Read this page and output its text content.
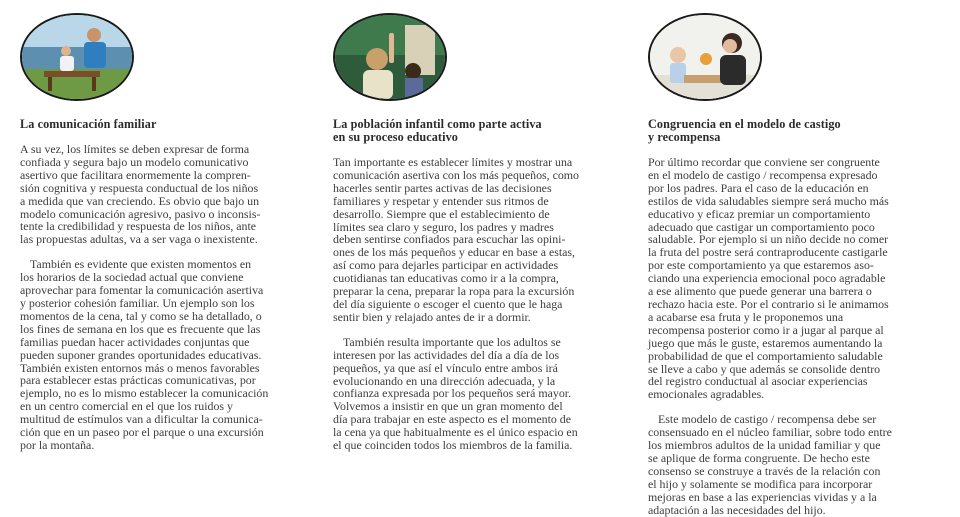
La comunicación familiar

A su vez, los límites se deben expresar de forma
confiada y segura bajo un modelo comunicativo
asertivo que facilitara enormemente la compren-
sión cognitiva y respuesta conductual de los niños
a medida que van creciendo. Es obvio que bajo un
modelo comunicación agresivo, pasivo o inconsis-
tente la credibilidad y respuesta de los niños, ante
las propuestas adultas, va a ser vaga o inexistente.

También es evidente que existen momentos en
los horarios de la sociedad actual que conviene
aprovechar para fomentar la comunicación asertiva
y posterior cohesión familiar. Un ejemplo son los
momentos de la cena, tal y como se ha detallado, o
los fines de semana en los que es frecuente que las
familias puedan hacer actividades conjuntas que
pueden suponer grandes oportunidades educativas.
También existen entornos más o menos favorables
para establecer estas prácticas comunicativas, por
ejemplo, no es lo mismo establecer la comunicación
en un centro comercial en el que los ruidos y
multitud de estímulos van a dificultar la comunica-
ción que en un paseo por el parque o una excursión
por la montaña.

La población infantil como parte activa
en su proceso educativo

Tan importante es establecer límites y mostrar una
comunicación asertiva con los más pequeños, como
hacerles sentir partes activas de las decisiones
familiares y respetar y entender sus ritmos de
desarrollo. Siempre que el establecimiento de
límites sea claro y seguro, los padres y madres
deben sentirse confiados para escuchar las opini-
ones de los más pequeños y educar en base a estas,
así como para dejarles participar en actividades
cuotidianas tan educativas como ir a la compra,
preparar la cena, preparar la ropa para la excursión
del día siguiente o escoger el cuento que le haga
sentir bien y relajado antes de ir a dormir.

También resulta importante que los adultos se
interesen por las actividades del día a día de los
pequeños, ya que así el vínculo entre ambos irá
evolucionando en una dirección adecuada, y la
confianza expresada por los pequeños será mayor.
Volvemos a insistir en que un gran momento del
día para trabajar en este aspecto es el momento de
la cena ya que habitualmente es el único espacio en
el que coinciden todos los miembros de la familia.

Congruencia en el modelo de castigo
y recompensa

Por último recordar que conviene ser congruente
en el modelo de castigo / recompensa expresado
por los padres. Para el caso de la educación en
estilos de vida saludables siempre será mucho más
educativo y eficaz premiar un comportamiento
adecuado que castigar un comportamiento poco
saludable. Por ejemplo si un niño decide no comer
la fruta del postre será contraproducente castigarle
por este comportamiento ya que estaremos aso-
ciando una experiencia emocional poco agradable
a ese alimento que puede generar una barrera o
rechazo hacia este. Por el contrario si le animamos
a acabarse esa fruta y le proponemos una
recompensa posterior como ir a jugar al parque al
juego que más le guste, estaremos aumentando la
probabilidad de que el comportamiento saludable
se lleve a cabo y que además se consolide dentro
del registro conductual al asociar experiencias
emocionales agradables.

Este modelo de castigo / recompensa debe ser
consensuado en el núcleo familiar, sobre todo entre
los miembros adultos de la unidad familiar y que
se aplique de forma congruente. De hecho este
consenso se construye a través de la relación con
el hijo y solamente se modifica para incorporar
mejoras en base a las experiencias vividas y a la
adaptación a las necesidades del hijo.
